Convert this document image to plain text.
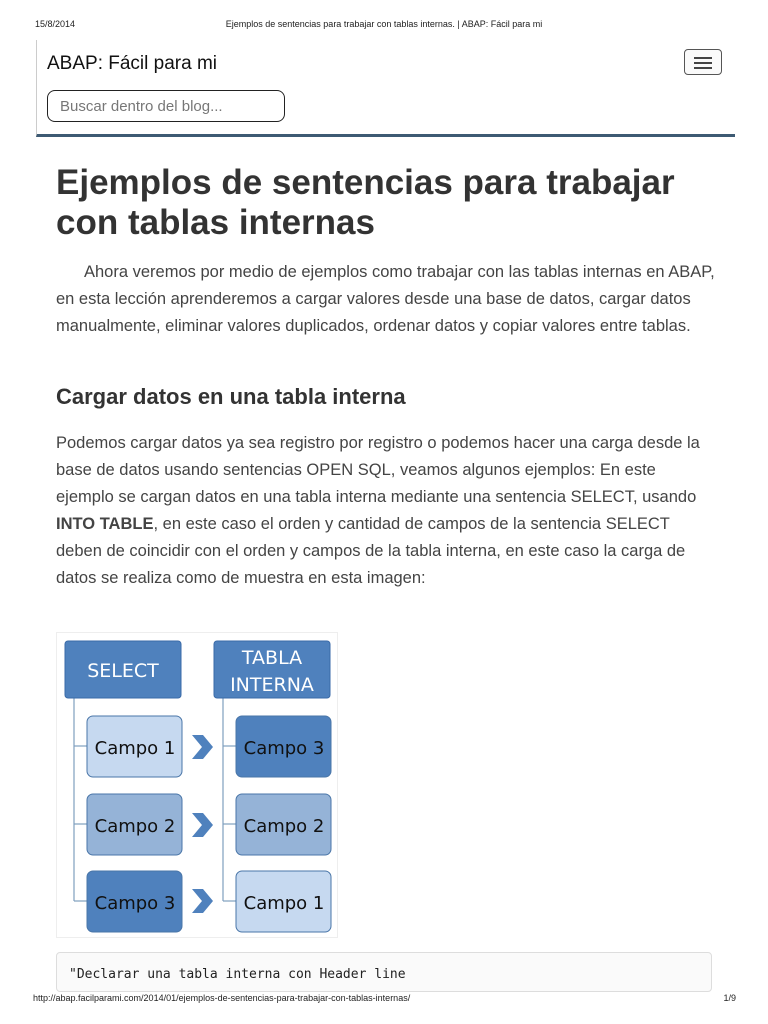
15/8/2014	Ejemplos de sentencias para trabajar con tablas internas. | ABAP: Fácil para mi
ABAP: Fácil para mi
Buscar dentro del blog...
Ejemplos de sentencias para trabajar con tablas internas

Ahora veremos por medio de ejemplos como trabajar con las tablas internas en ABAP, en esta lección aprenderemos a cargar valores desde una base de datos, cargar datos manualmente, eliminar valores duplicados, ordenar datos y copiar valores entre tablas.

Cargar datos en una tabla interna

Podemos cargar datos ya sea registro por registro o podemos hacer una carga desde la base de datos usando sentencias OPEN SQL, veamos algunos ejemplos: En este ejemplo se cargan datos en una tabla interna mediante una sentencia SELECT, usando INTO TABLE, en este caso el orden y cantidad de campos de la sentencia SELECT deben de coincidir con el orden y campos de la tabla interna, en este caso la carga de datos se realiza como de muestra en esta imagen:

SELECT
TABLA
INTERNA
Campo 1
Campo 2
Campo 3
Campo 3
Campo 2
Campo 1
"Declarar una tabla interna con Header line
http://abap.facilparami.com/2014/01/ejemplos-de-sentencias-para-trabajar-con-tablas-internas/	1/9
